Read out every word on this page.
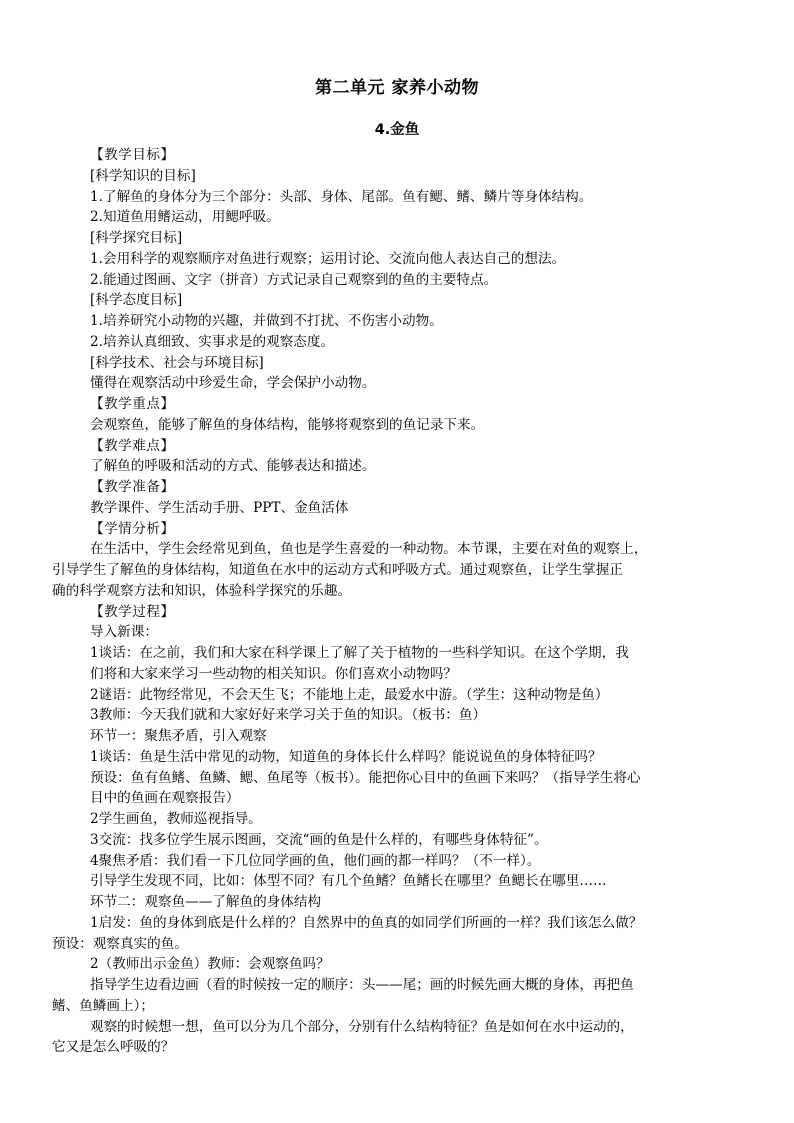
第二单元 家养小动物
4.金鱼
【教学目标】
[科学知识的目标]
1.了解鱼的身体分为三个部分：头部、身体、尾部。鱼有鳃、鳍、鳞片等身体结构。
2.知道鱼用鳍运动，用鳃呼吸。
[科学探究目标]
1.会用科学的观察顺序对鱼进行观察；运用讨论、交流向他人表达自己的想法。
2.能通过图画、文字（拼音）方式记录自己观察到的鱼的主要特点。
[科学态度目标]
1.培养研究小动物的兴趣，并做到不打扰、不伤害小动物。
2.培养认真细致、实事求是的观察态度。
[科学技术、社会与环境目标]
懂得在观察活动中珍爱生命，学会保护小动物。
【教学重点】
会观察鱼，能够了解鱼的身体结构，能够将观察到的鱼记录下来。
【教学难点】
了解鱼的呼吸和活动的方式、能够表达和描述。
【教学准备】
教学课件、学生活动手册、PPT、金鱼活体
【学情分析】
在生活中，学生会经常见到鱼，鱼也是学生喜爱的一种动物。本节课，主要在对鱼的观察上，
引导学生了解鱼的身体结构，知道鱼在水中的运动方式和呼吸方式。通过观察鱼，让学生掌握正
确的科学观察方法和知识，体验科学探究的乐趣。
【教学过程】
导入新课：
1谈话：在之前，我们和大家在科学课上了解了关于植物的一些科学知识。在这个学期，我
们将和大家来学习一些动物的相关知识。你们喜欢小动物吗？
2谜语：此物经常见，不会天生飞；不能地上走，最爱水中游。（学生：这种动物是鱼）
3教师：今天我们就和大家好好来学习关于鱼的知识。（板书：鱼）
环节一：聚焦矛盾，引入观察
1谈话：鱼是生活中常见的动物，知道鱼的身体长什么样吗？能说说鱼的身体特征吗？
预设：鱼有鱼鳍、鱼鳞、鳃、鱼尾等（板书）。能把你心目中的鱼画下来吗？（指导学生将心
目中的鱼画在观察报告）
2学生画鱼，教师巡视指导。
3交流：找多位学生展示图画，交流“画的鱼是什么样的，有哪些身体特征”。
4聚焦矛盾：我们看一下几位同学画的鱼，他们画的都一样吗？（不一样）。
引导学生发现不同，比如：体型不同？有几个鱼鳍？鱼鳍长在哪里？鱼鳃长在哪里……
环节二：观察鱼——了解鱼的身体结构
1启发：鱼的身体到底是什么样的？自然界中的鱼真的如同学们所画的一样？我们该怎么做？
预设：观察真实的鱼。
2（教师出示金鱼）教师：会观察鱼吗？
指导学生边看边画（看的时候按一定的顺序：头——尾；画的时候先画大概的身体，再把鱼
鳍、鱼鳞画上）；
观察的时候想一想，鱼可以分为几个部分，分别有什么结构特征？鱼是如何在水中运动的，
它又是怎么呼吸的？
